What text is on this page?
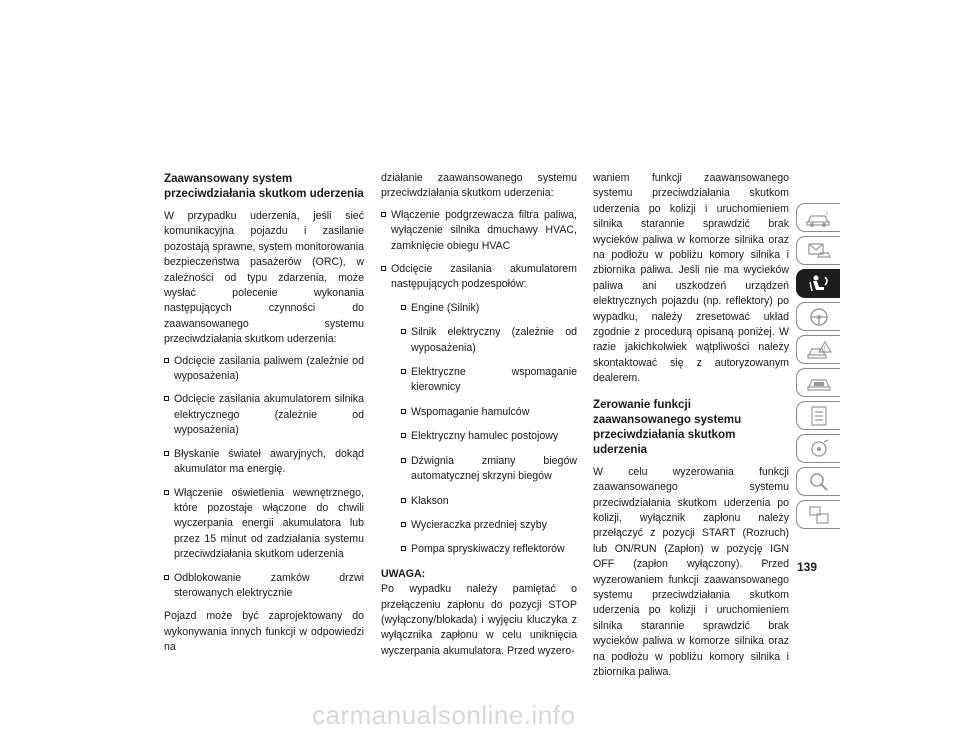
Zaawansowany system przeciwdziałania skutkom uderzenia

W przypadku uderzenia, jeśli sieć komunikacyjna pojazdu i zasilanie pozostają sprawne, system monitorowania bezpieczeństwa pasażerów (ORC), w zależności od typu zdarzenia, może wysłać polecenie wykonania następujących czynności do zaawansowanego systemu przeciwdziałania skutkom uderzenia:

Odcięcie zasilania paliwem (zależnie od wyposażenia)
Odcięcie zasilania akumulatorem silnika elektrycznego (zależnie od wyposażenia)
Błyskanie świateł awaryjnych, dokąd akumulator ma energię.
Włączenie oświetlenia wewnętrznego, które pozostaje włączone do chwili wyczerpania energii akumulatora lub przez 15 minut od zadziałania systemu przeciwdziałania skutkom uderzenia
Odblokowanie zamków drzwi sterowanych elektrycznie

Pojazd może być zaprojektowany do wykonywania innych funkcji w odpowiedzi na

działanie zaawansowanego systemu przeciwdziałania skutkom uderzenia:

Włączenie podgrzewacza filtra paliwa, wyłączenie silnika dmuchawy HVAC, zamknięcie obiegu HVAC
Odcięcie zasilania akumulatorem następujących podzespołów:
Engine (Silnik)
Silnik elektryczny (zależnie od wyposażenia)
Elektryczne wspomaganie kierownicy
Wspomaganie hamulców
Elektryczny hamulec postojowy
Dźwignia zmiany biegów automatycznej skrzyni biegów
Klakson
Wycieraczka przedniej szyby
Pompa spryskiwaczy reflektorów

UWAGA:

Po wypadku należy pamiętać o przełączeniu zapłonu do pozycji STOP (wyłączony/blokada) i wyjęciu kluczyka z wyłącznika zapłonu w celu uniknięcia wyczerpania akumulatora. Przed wyzero-

waniem funkcji zaawansowanego systemu przeciwdziałania skutkom uderzenia po kolizji i uruchomieniem silnika starannie sprawdzić brak wycieków paliwa w komorze silnika oraz na podłożu w pobliżu komory silnika i zbiornika paliwa. Jeśli nie ma wycieków paliwa ani uszkodzeń urządzeń elektrycznych pojazdu (np. reflektory) po wypadku, należy zresetować układ zgodnie z procedurą opisaną poniżej. W razie jakichkolwiek wątpliwości należy skontaktować się z autoryzowanym dealerem.

Zerowanie funkcji zaawansowanego systemu przeciwdziałania skutkom uderzenia

W celu wyzerowania funkcji zaawansowanego systemu przeciwdziałania skutkom uderzenia po kolizji, wyłącznik zapłonu należy przełączyć z pozycji START (Rozruch) lub ON/RUN (Zapłon) w pozycję IGN OFF (zapłon wyłączony). Przed wyzerowaniem funkcji zaawansowanego systemu przeciwdziałania skutkom uderzenia po kolizji i uruchomieniem silnika starannie sprawdzić brak wycieków paliwa w komorze silnika oraz na podłożu w pobliżu komory silnika i zbiornika paliwa.

i
!
139
carmanualsonline.info
